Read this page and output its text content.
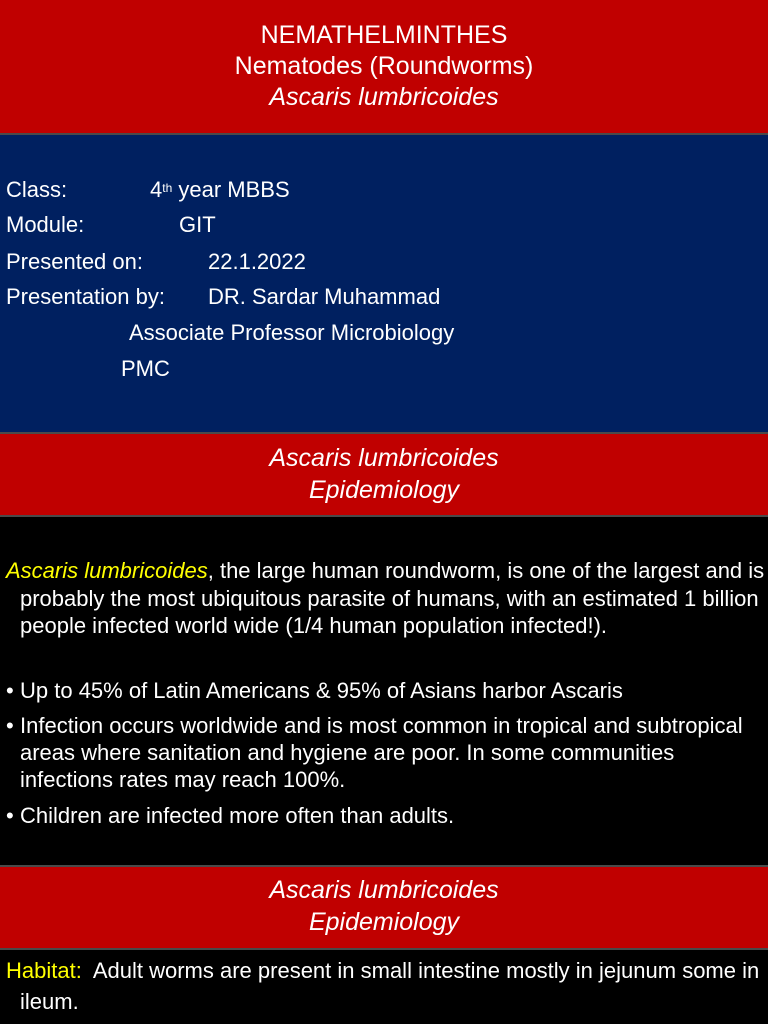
NEMATHELMINTHES
Nematodes (Roundworms)
Ascaris lumbricoides
Class:	4th year MBBS
Module:	GIT
Presented on:	22.1.2022
Presentation by: DR. Sardar Muhammad
Associate Professor Microbiology
PMC
Ascaris lumbricoides
Epidemiology
Ascaris lumbricoides, the large human roundworm, is one of the largest and is probably the most ubiquitous parasite of humans, with an estimated 1 billion people infected world wide (1/4 human population infected!).
• Up to 45% of Latin Americans & 95% of Asians harbor Ascaris
• Infection occurs worldwide and is most common in tropical and subtropical areas where sanitation and hygiene are poor. In some communities infections rates may reach 100%.
• Children are infected more often than adults.
Ascaris lumbricoides
Epidemiology
Habitat:  Adult worms are present in small intestine mostly in jejunum some in ileum.
